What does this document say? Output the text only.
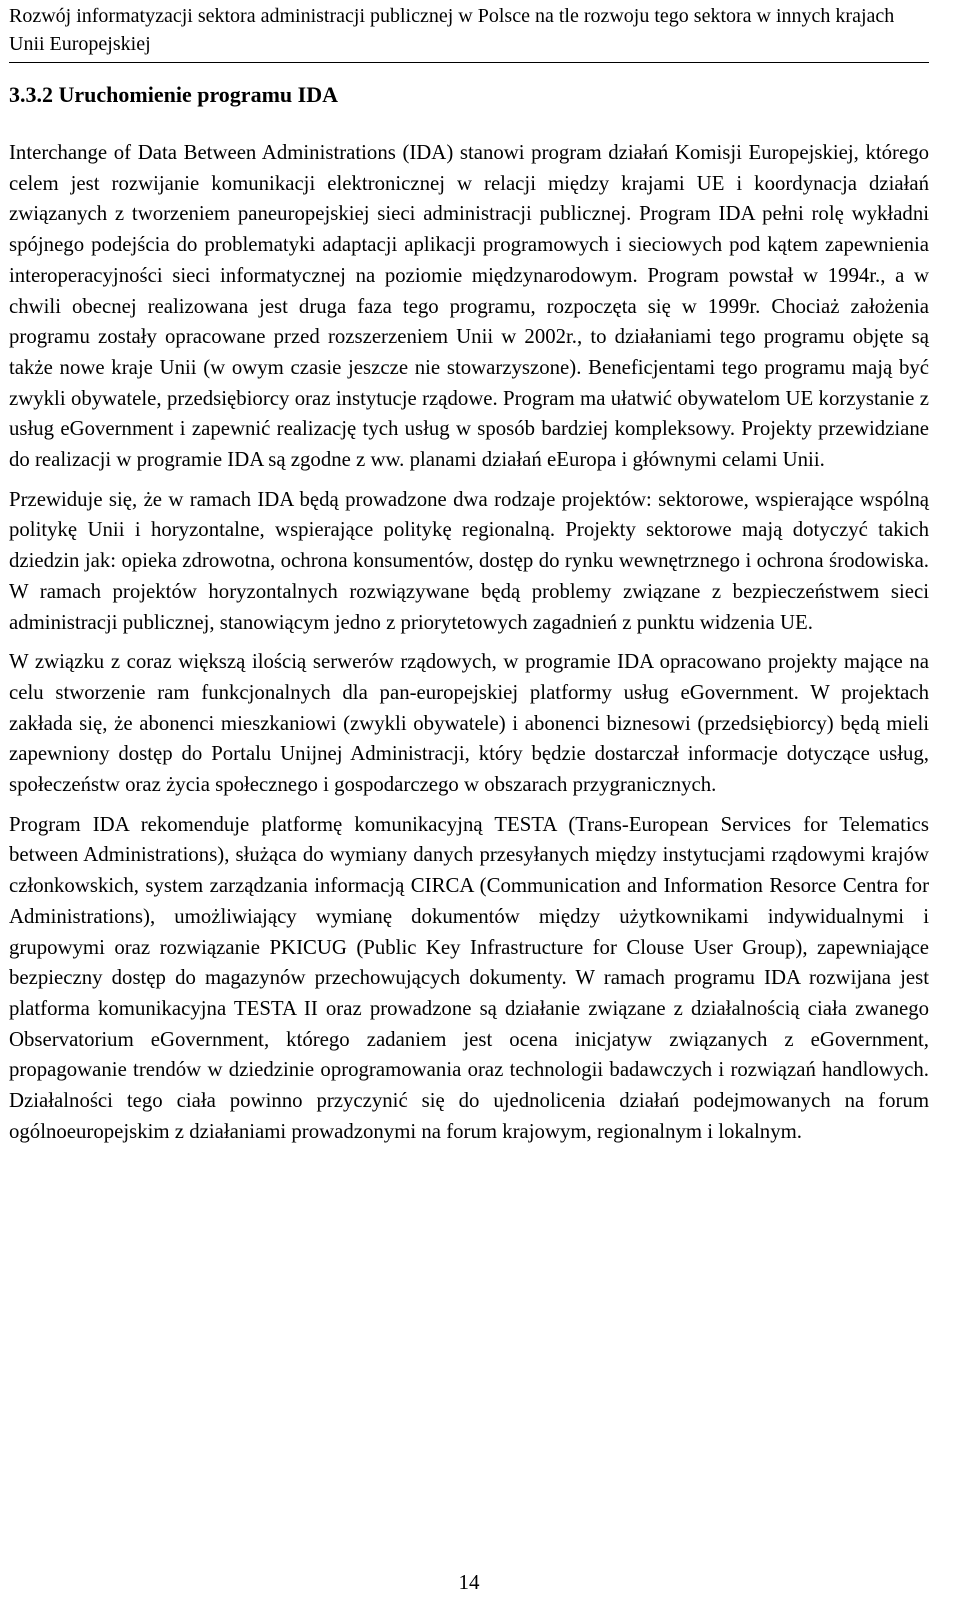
Rozwój informatyzacji sektora administracji publicznej w Polsce na tle rozwoju tego sektora w innych krajach Unii Europejskiej
3.3.2 Uruchomienie programu IDA

Interchange of Data Between Administrations (IDA) stanowi program działań Komisji Europejskiej, którego celem jest rozwijanie komunikacji elektronicznej w relacji między krajami UE i koordynacja działań związanych z tworzeniem paneuropejskiej sieci administracji publicznej. Program IDA pełni rolę wykładni spójnego podejścia do problematyki adaptacji aplikacji programowych i sieciowych pod kątem zapewnienia interoperacyjności sieci informatycznej na poziomie międzynarodowym. Program powstał w 1994r., a w chwili obecnej realizowana jest druga faza tego programu, rozpoczęta się w 1999r. Chociaż założenia programu zostały opracowane przed rozszerzeniem Unii w 2002r., to działaniami tego programu objęte są także nowe kraje Unii (w owym czasie jeszcze nie stowarzyszone). Beneficjentami tego programu mają być zwykli obywatele, przedsiębiorcy oraz instytucje rządowe. Program ma ułatwić obywatelom UE korzystanie z usług eGovernment i zapewnić realizację tych usług w sposób bardziej kompleksowy. Projekty przewidziane do realizacji w programie IDA są zgodne z ww. planami działań eEuropa i głównymi celami Unii.

Przewiduje się, że w ramach IDA będą prowadzone dwa rodzaje projektów: sektorowe, wspierające wspólną politykę Unii i horyzontalne, wspierające politykę regionalną. Projekty sektorowe mają dotyczyć takich dziedzin jak: opieka zdrowotna, ochrona konsumentów, dostęp do rynku wewnętrznego i ochrona środowiska. W ramach projektów horyzontalnych rozwiązywane będą problemy związane z bezpieczeństwem sieci administracji publicznej, stanowiącym jedno z priorytetowych zagadnień z punktu widzenia UE.

W związku z coraz większą ilością serwerów rządowych, w programie IDA opracowano projekty mające na celu stworzenie ram funkcjonalnych dla pan-europejskiej platformy usług eGovernment. W projektach zakłada się, że abonenci mieszkaniowi (zwykli obywatele) i abonenci biznesowi (przedsiębiorcy) będą mieli zapewniony dostęp do Portalu Unijnej Administracji, który będzie dostarczał informacje dotyczące usług, społeczeństw oraz życia społecznego i gospodarczego w obszarach przygranicznych.

Program IDA rekomenduje platformę komunikacyjną TESTA (Trans-European Services for Telematics between Administrations), służąca do wymiany danych przesyłanych między instytucjami rządowymi krajów członkowskich, system zarządzania informacją CIRCA (Communication and Information Resorce Centra for Administrations), umożliwiający wymianę dokumentów między użytkownikami indywidualnymi i grupowymi oraz rozwiązanie PKICUG (Public Key Infrastructure for Clouse User Group), zapewniające bezpieczny dostęp do magazynów przechowujących dokumenty. W ramach programu IDA rozwijana jest platforma komunikacyjna TESTA II oraz prowadzone są działanie związane z działalnością ciała zwanego Observatorium eGovernment, którego zadaniem jest ocena inicjatyw związanych z eGovernment, propagowanie trendów w dziedzinie oprogramowania oraz technologii badawczych i rozwiązań handlowych. Działalności tego ciała powinno przyczynić się do ujednolicenia działań podejmowanych na forum ogólnoeuropejskim z działaniami prowadzonymi na forum krajowym, regionalnym i lokalnym.

14
